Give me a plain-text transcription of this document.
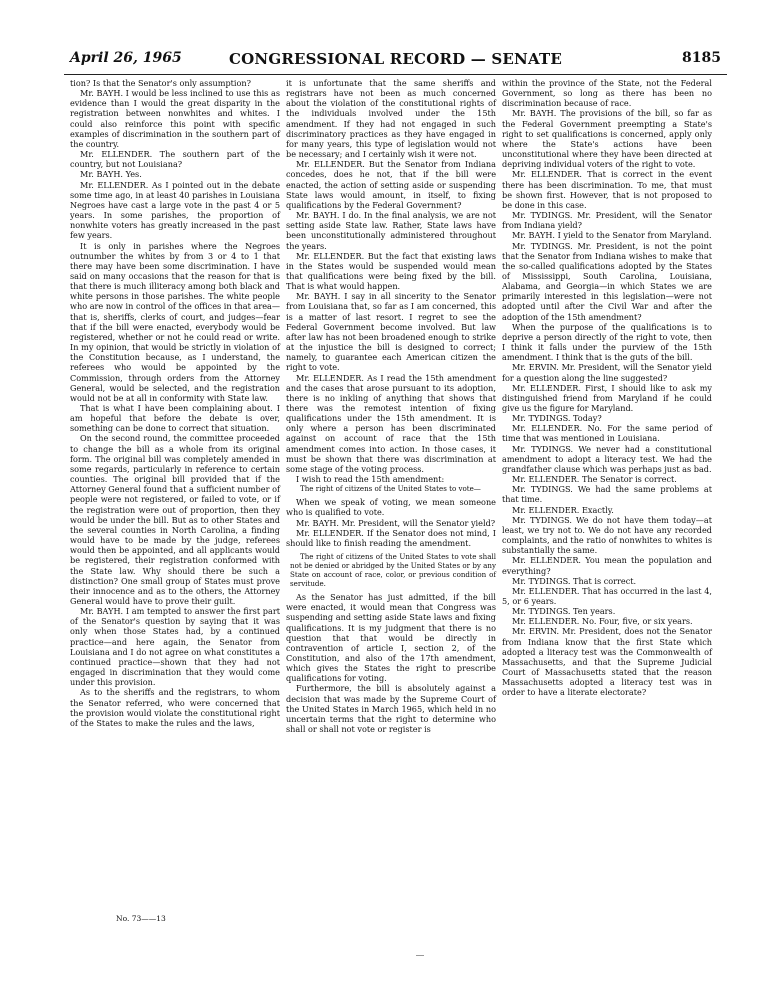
April 26, 1965	CONGRESSIONAL RECORD — SENATE	8185

tion? Is that the Senator's only assumption?

Mr. BAYH. I would be less inclined to use this as evidence than I would the great disparity in the registration between nonwhites and whites. I could also reinforce this point with specific examples of discrimination in the southern part of the country.

Mr. ELLENDER. The southern part of the country, but not Louisiana?

Mr. BAYH. Yes.

Mr. ELLENDER. As I pointed out in the debate some time ago, in at least 40 parishes in Louisiana Negroes have cast a large vote in the past 4 or 5 years. In some parishes, the proportion of nonwhite voters has greatly increased in the past few years.

It is only in parishes where the Negroes outnumber the whites by from 3 or 4 to 1 that there may have been some discrimination. I have said on many occasions that the reason for that is that there is much illiteracy among both black and white persons in those parishes. The white people who are now in control of the offices in that area—that is, sheriffs, clerks of court, and judges—fear that if the bill were enacted, everybody would be registered, whether or not he could read or write. In my opinion, that would be strictly in violation of the Constitution because, as I understand, the referees who would be appointed by the Commission, through orders from the Attorney General, would be selected, and the registration would not be at all in conformity with State law.

That is what I have been complaining about. I am hopeful that before the debate is over, something can be done to correct that situation.

On the second round, the committee proceeded to change the bill as a whole from its original form. The original bill was completely amended in some regards, particularly in reference to certain counties. The original bill provided that if the Attorney General found that a sufficient number of people were not registered, or failed to vote, or if the registration were out of proportion, then they would be under the bill. But as to other States and the several counties in North Carolina, a finding would have to be made by the judge, referees would then be appointed, and all applicants would be registered, their registration conformed with the State law. Why should there be such a distinction? One small group of States must prove their innocence and as to the others, the Attorney General would have to prove their guilt.

Mr. BAYH. I am tempted to answer the first part of the Senator's question by saying that it was only when those States had, by a continued practice—and here again, the Senator from Louisiana and I do not agree on what constitutes a continued practice—shown that they had not engaged in discrimination that they would come under this provision.

As to the sheriffs and the registrars, to whom the Senator referred, who were concerned that the provision would violate the constitutional right of the States to make the rules and the laws,

it is unfortunate that the same sheriffs and registrars have not been as much concerned about the violation of the constitutional rights of the individuals involved under the 15th amendment. If they had not engaged in such discriminatory practices as they have engaged in for many years, this type of legislation would not be necessary; and I certainly wish it were not.

Mr. ELLENDER. But the Senator from Indiana concedes, does he not, that if the bill were enacted, the action of setting aside or suspending State laws would amount, in itself, to fixing qualifications by the Federal Government?

Mr. BAYH. I do. In the final analysis, we are not setting aside State law. Rather, State laws have been unconstitutionally administered throughout the years.

Mr. ELLENDER. But the fact that existing laws in the States would be suspended would mean that qualifications were being fixed by the bill. That is what would happen.

Mr. BAYH. I say in all sincerity to the Senator from Louisiana that, so far as I am concerned, this is a matter of last resort. I regret to see the Federal Government become involved. But law after law has not been broadened enough to strike at the injustice the bill is designed to correct; namely, to guarantee each American citizen the right to vote.

Mr. ELLENDER. As I read the 15th amendment and the cases that arose pursuant to its adoption, there is no inkling of anything that shows that there was the remotest intention of fixing qualifications under the 15th amendment. It is only where a person has been discriminated against on account of race that the 15th amendment comes into action. In those cases, it must be shown that there was discrimination at some stage of the voting process.

I wish to read the 15th amendment:

The right of citizens of the United States to vote—

When we speak of voting, we mean someone who is qualified to vote.

Mr. BAYH. Mr. President, will the Senator yield?

Mr. ELLENDER. If the Senator does not mind, I should like to finish reading the amendment.

The right of citizens of the United States to vote shall not be denied or abridged by the United States or by any State on account of race, color, or previous condition of servitude.

As the Senator has just admitted, if the bill were enacted, it would mean that Congress was suspending and setting aside State laws and fixing qualifications. It is my judgment that there is no question that that would be directly in contravention of article I, section 2, of the Constitution, and also of the 17th amendment, which gives the States the right to prescribe qualifications for voting.

Furthermore, the bill is absolutely against a decision that was made by the Supreme Court of the United States in March 1965, which held in no uncertain terms that the right to determine who shall or shall not vote or register is

within the province of the State, not the Federal Government, so long as there has been no discrimination because of race.

Mr. BAYH. The provisions of the bill, so far as the Federal Government preempting a State's right to set qualifications is concerned, apply only where the State's actions have been unconstitutional where they have been directed at depriving individual voters of the right to vote.

Mr. ELLENDER. That is correct in the event there has been discrimination. To me, that must be shown first. However, that is not proposed to be done in this case.

Mr. TYDINGS. Mr. President, will the Senator from Indiana yield?

Mr. BAYH. I yield to the Senator from Maryland.

Mr. TYDINGS. Mr. President, is not the point that the Senator from Indiana wishes to make that the so-called qualifications adopted by the States of Mississippi, South Carolina, Louisiana, Alabama, and Georgia—in which States we are primarily interested in this legislation—were not adopted until after the Civil War and after the adoption of the 15th amendment?

When the purpose of the qualifications is to deprive a person directly of the right to vote, then I think it falls under the purview of the 15th amendment. I think that is the guts of the bill.

Mr. ERVIN. Mr. President, will the Senator yield for a question along the line suggested?

Mr. ELLENDER. First, I should like to ask my distinguished friend from Maryland if he could give us the figure for Maryland.

Mr. TYDINGS. Today?

Mr. ELLENDER. No. For the same period of time that was mentioned in Louisiana.

Mr. TYDINGS. We never had a constitutional amendment to adopt a literacy test. We had the grandfather clause which was perhaps just as bad.

Mr. ELLENDER. The Senator is correct.

Mr. TYDINGS. We had the same problems at that time.

Mr. ELLENDER. Exactly.

Mr. TYDINGS. We do not have them today—at least, we try not to. We do not have any recorded complaints, and the ratio of nonwhites to whites is substantially the same.

Mr. ELLENDER. You mean the population and everything?

Mr. TYDINGS. That is correct.

Mr. ELLENDER. That has occurred in the last 4, 5, or 6 years.

Mr. TYDINGS. Ten years.

Mr. ELLENDER. No. Four, five, or six years.

Mr. ERVIN. Mr. President, does not the Senator from Indiana know that the first State which adopted a literacy test was the Commonwealth of Massachusetts, and that the Supreme Judicial Court of Massachusetts stated that the reason Massachusetts adopted a literacy test was in order to have a literate electorate?

No. 73——13
